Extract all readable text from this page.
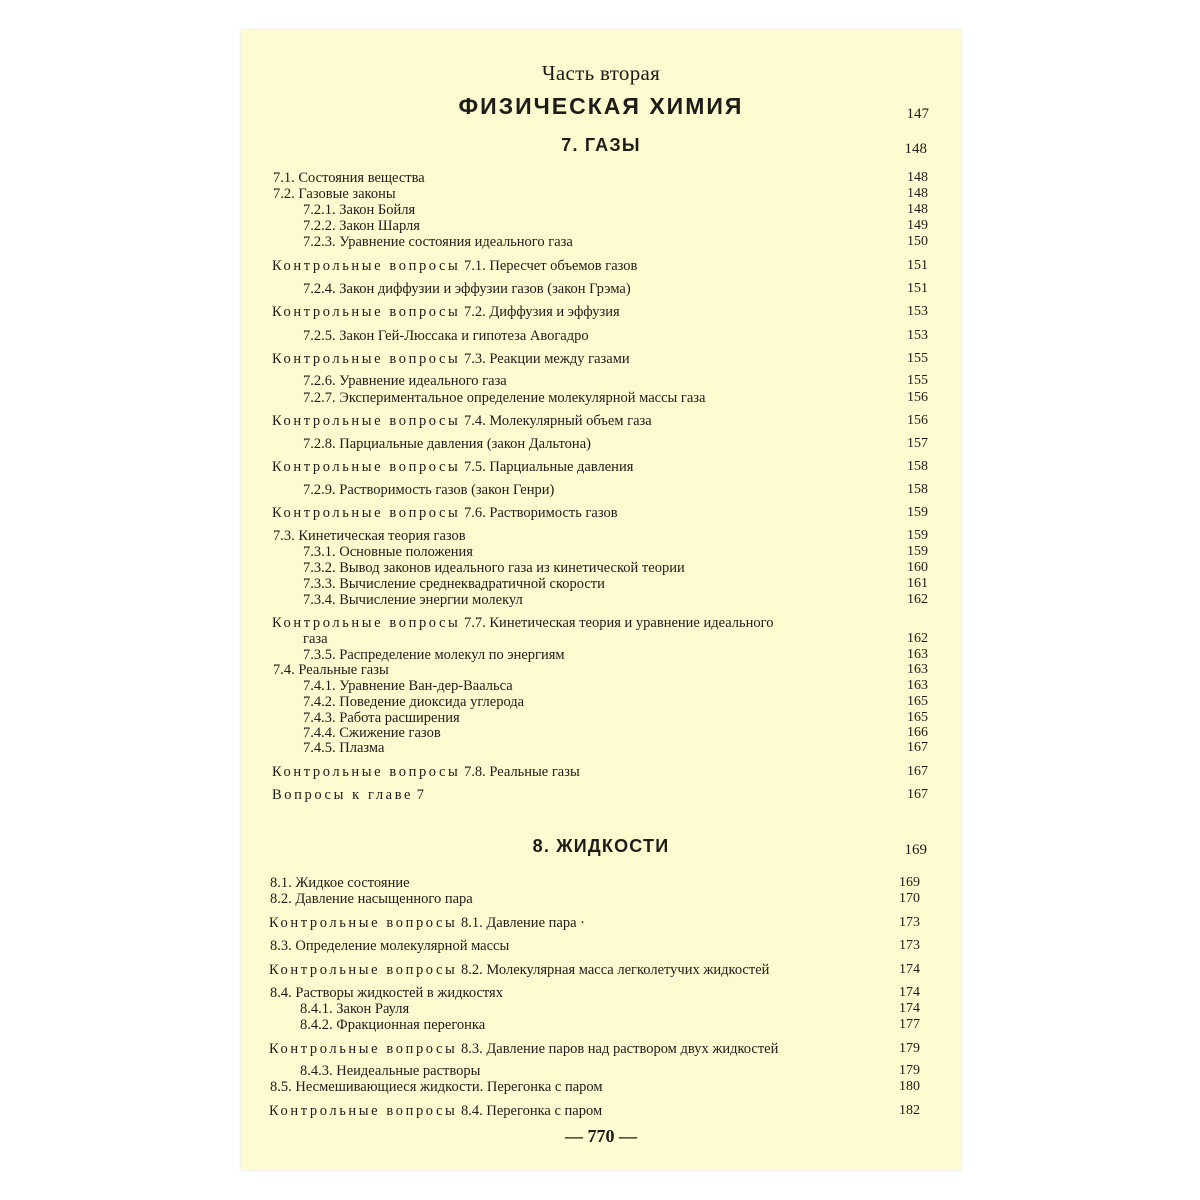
Часть вторая
ФИЗИЧЕСКАЯ ХИМИЯ	147
7. ГАЗЫ	148
7.1. Состояния вещества	148
7.2. Газовые законы	148
7.2.1. Закон Бойля	148
7.2.2. Закон Шарля	149
7.2.3. Уравнение состояния идеального газа	150
Контрольные вопросы 7.1. Пересчет объемов газов	151
7.2.4. Закон диффузии и эффузии газов (закон Грэма)	151
Контрольные вопросы 7.2. Диффузия и эффузия	153
7.2.5. Закон Гей-Люссака и гипотеза Авогадро	153
Контрольные вопросы 7.3. Реакции между газами	155
7.2.6. Уравнение идеального газа	155
7.2.7. Экспериментальное определение молекулярной массы газа	156
Контрольные вопросы 7.4. Молекулярный объем газа	156
7.2.8. Парциальные давления (закон Дальтона)	157
Контрольные вопросы 7.5. Парциальные давления	158
7.2.9. Растворимость газов (закон Генри)	158
Контрольные вопросы 7.6. Растворимость газов	159
7.3. Кинетическая теория газов	159
7.3.1. Основные положения	159
7.3.2. Вывод законов идеального газа из кинетической теории	160
7.3.3. Вычисление среднеквадратичной скорости	161
7.3.4. Вычисление энергии молекул	162
Контрольные вопросы 7.7. Кинетическая теория и уравнение идеального
газа	162
7.3.5. Распределение молекул по энергиям	163
7.4. Реальные газы	163
7.4.1. Уравнение Ван-дер-Ваальса	163
7.4.2. Поведение диоксида углерода	165
7.4.3. Работа расширения	165
7.4.4. Сжижение газов	166
7.4.5. Плазма	167
Контрольные вопросы 7.8. Реальные газы	167
Вопросы к главе 7	167
8. ЖИДКОСТИ	169
8.1. Жидкое состояние	169
8.2. Давление насыщенного пара	170
Контрольные вопросы 8.1. Давление пара ·	173
8.3. Определение молекулярной массы	173
Контрольные вопросы 8.2. Молекулярная масса легколетучих жидкостей	174
8.4. Растворы жидкостей в жидкостях	174
8.4.1. Закон Рауля	174
8.4.2. Фракционная перегонка	177
Контрольные вопросы 8.3. Давление паров над раствором двух жидкостей	179
8.4.3. Неидеальные растворы	179
8.5. Несмешивающиеся жидкости. Перегонка с паром	180
Контрольные вопросы 8.4. Перегонка с паром	182
— 770 —
